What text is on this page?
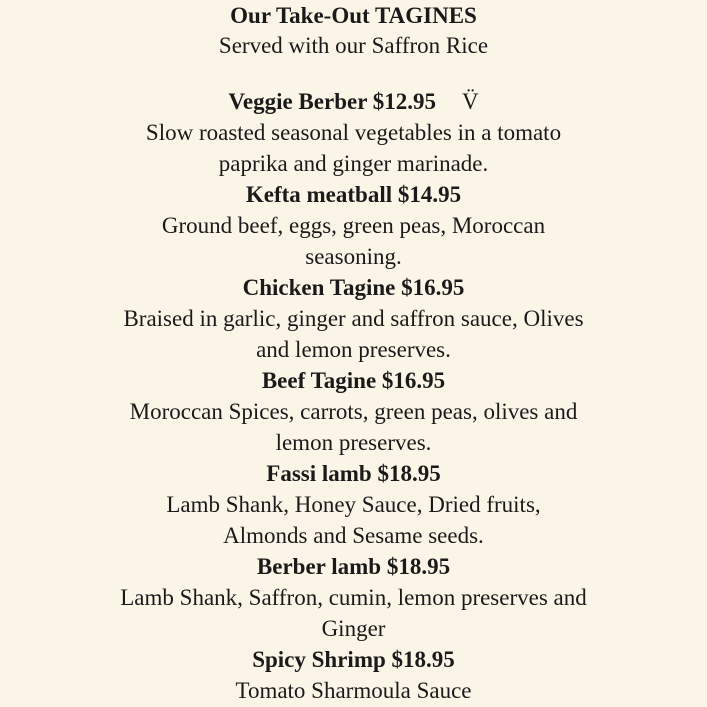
Our Take-Out TAGINES
Served with our Saffron Rice
Veggie Berber $12.95 V̈
Slow roasted seasonal vegetables in a tomato
paprika and ginger marinade.
Kefta meatball $14.95
Ground beef, eggs, green peas, Moroccan
seasoning.
Chicken Tagine $16.95
Braised in garlic, ginger and saffron sauce, Olives
and lemon preserves.
Beef Tagine $16.95
Moroccan Spices, carrots, green peas, olives and
lemon preserves.
Fassi lamb $18.95
Lamb Shank, Honey Sauce, Dried fruits,
Almonds and Sesame seeds.
Berber lamb $18.95
Lamb Shank, Saffron, cumin, lemon preserves and
Ginger
Spicy Shrimp $18.95
Tomato Sharmoula Sauce
